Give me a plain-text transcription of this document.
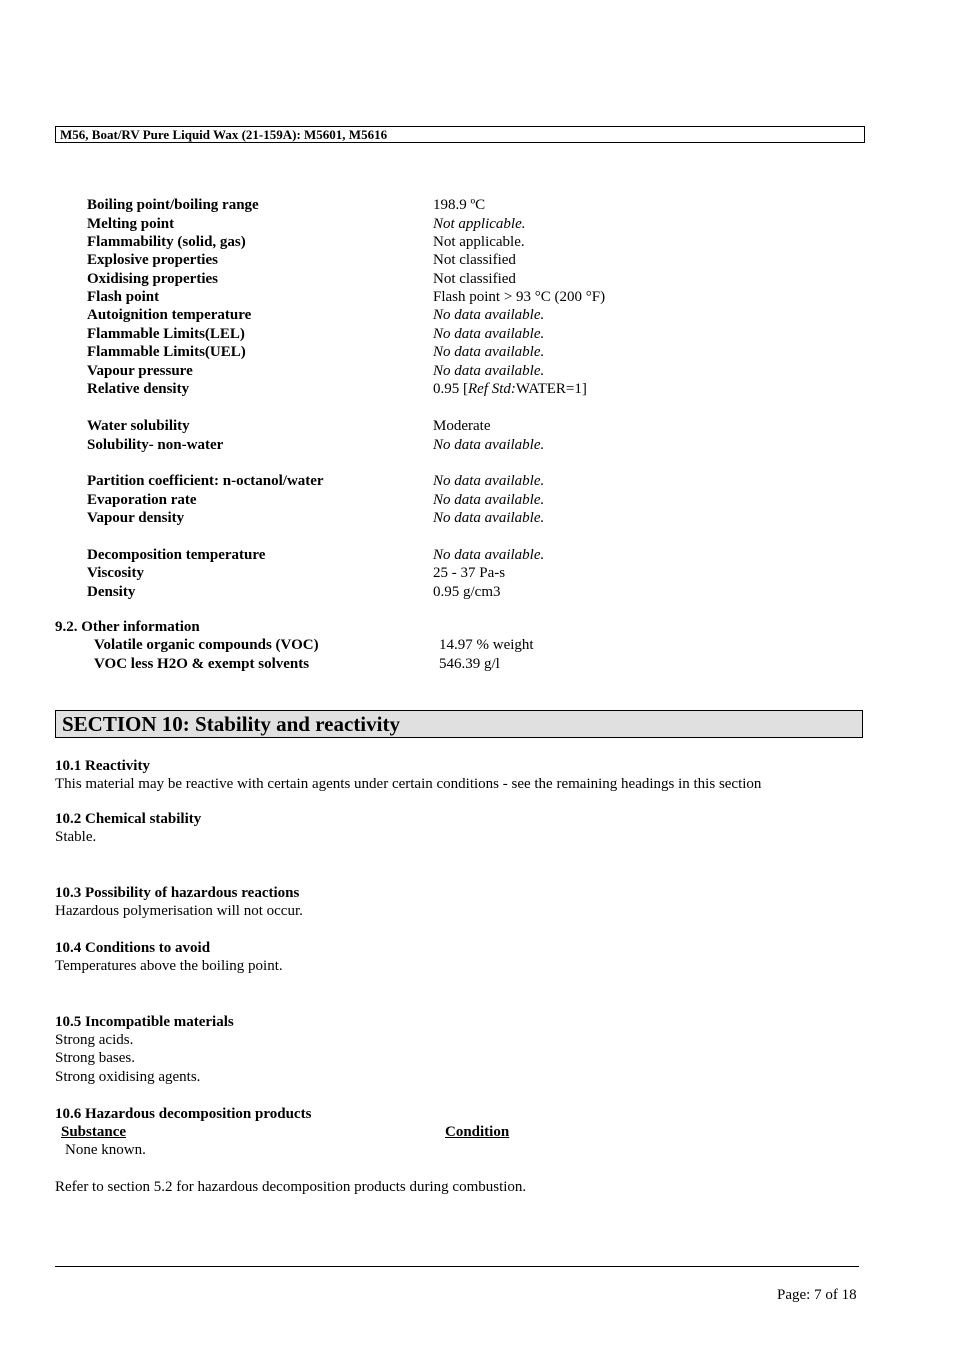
M56, Boat/RV Pure Liquid Wax (21-159A): M5601, M5616
Boiling point/boiling range	198.9 ºC
Melting point	Not applicable.
Flammability (solid, gas)	Not applicable.
Explosive properties	Not classified
Oxidising properties	Not classified
Flash point	Flash point > 93 °C (200 °F)
Autoignition temperature	No data available.
Flammable Limits(LEL)	No data available.
Flammable Limits(UEL)	No data available.
Vapour pressure	No data available.
Relative density	0.95 [Ref Std:WATER=1]
Water solubility	Moderate
Solubility- non-water	No data available.
Partition coefficient: n-octanol/water	No data available.
Evaporation rate	No data available.
Vapour density	No data available.
Decomposition temperature	No data available.
Viscosity	25 - 37 Pa-s
Density	0.95 g/cm3
9.2. Other information
Volatile organic compounds (VOC)	14.97 % weight
VOC less H2O & exempt solvents	546.39 g/l
SECTION 10: Stability and reactivity
10.1 Reactivity
This material may be reactive with certain agents under certain conditions - see the remaining headings in this section
10.2 Chemical stability
Stable.
10.3 Possibility of hazardous reactions
Hazardous polymerisation will not occur.
10.4 Conditions to avoid
Temperatures above the boiling point.
10.5 Incompatible materials
Strong acids.
Strong bases.
Strong oxidising agents.
10.6 Hazardous decomposition products
Substance	Condition
None known.
Refer to section 5.2 for hazardous decomposition products during combustion.
Page: 7 of 18
